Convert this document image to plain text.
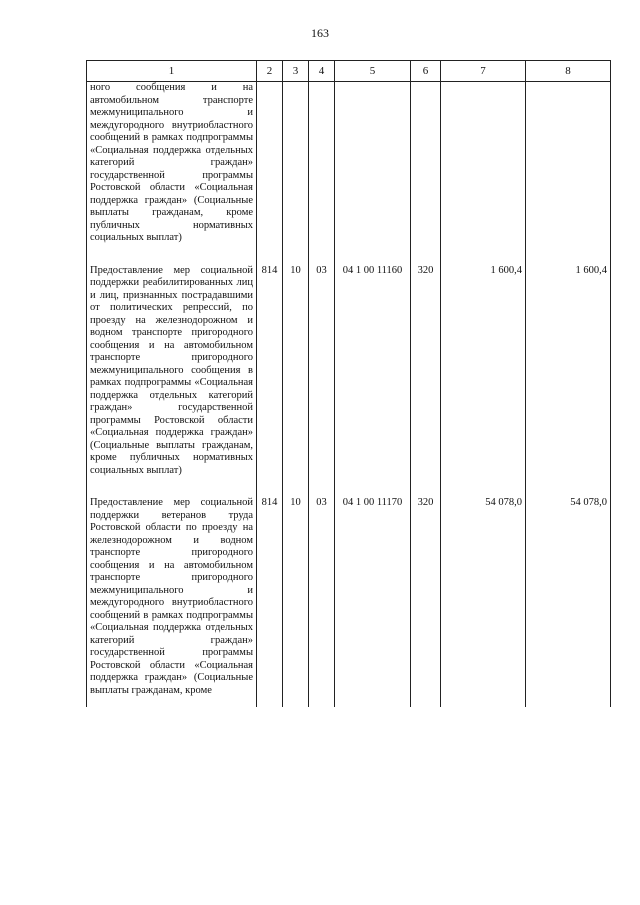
163
1	2	3	4	5	6	7	8
ного сообщения и на автомобильном транспорте межмуниципального и междугородного внутриобластного сообщений в рамках подпрограммы «Социальная поддержка отдельных категорий граждан» государственной программы Ростовской области «Социальная поддержка граждан» (Социальные выплаты гражданам, кроме публичных нормативных социальных выплат)							
Предоставление мер социальной поддержки реабилитированных лиц и лиц, признанных пострадавшими от политических репрессий, по проезду на железнодорожном и водном транспорте пригородного сообщения и на автомобильном транспорте пригородного межмуниципального сообщения в рамках подпрограммы «Социальная поддержка отдельных категорий граждан» государственной программы Ростовской области «Социальная поддержка граждан» (Социальные выплаты гражданам, кроме публичных нормативных социальных выплат)	814	10	03	04 1 00 11160	320	1 600,4	1 600,4
Предоставление мер социальной поддержки ветеранов труда Ростовской области по проезду на железнодорожном и водном транспорте пригородного сообщения и на автомобильном транспорте пригородного межмуниципального и междугородного внутриобластного сообщений в рамках подпрограммы «Социальная поддержка отдельных категорий граждан» государственной программы Ростовской области «Социальная поддержка граждан» (Социальные выплаты гражданам, кроме	814	10	03	04 1 00 11170	320	54 078,0	54 078,0
